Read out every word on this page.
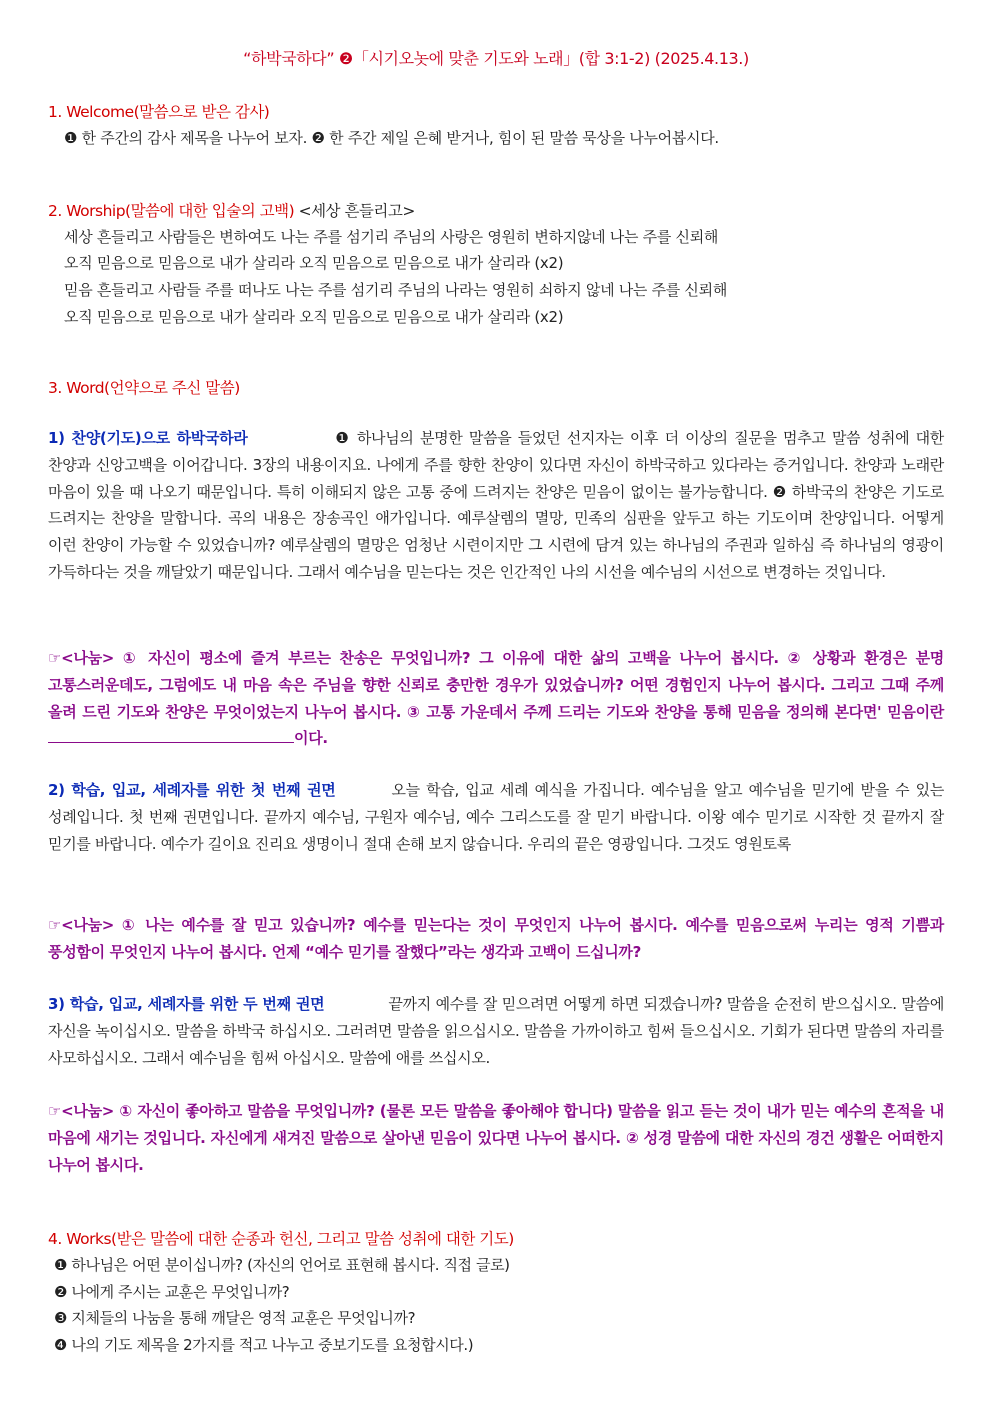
“하박국하다” ❷「시기오놋에 맞춘 기도와 노래」(합 3:1-2) (2025.4.13.)
1. Welcome(말씀으로 받은 감사)
❶ 한 주간의 감사 제목을 나누어 보자. ❷ 한 주간 제일 은혜 받거나, 힘이 된 말씀 묵상을 나누어봅시다.
2. Worship(말씀에 대한 입술의 고백) <세상 흔들리고>
세상 흔들리고 사람들은 변하여도 나는 주를 섬기리 주님의 사랑은 영원히 변하지않네 나는 주를 신뢰해
오직 믿음으로 믿음으로 내가 살리라 오직 믿음으로 믿음으로 내가 살리라 (x2)
믿음 흔들리고 사람들 주를 떠나도 나는 주를 섬기리 주님의 나라는 영원히 쇠하지 않네 나는 주를 신뢰해
오직 믿음으로 믿음으로 내가 살리라 오직 믿음으로 믿음으로 내가 살리라 (x2)
3. Word(언약으로 주신 말씀)
1) 찬양(기도)으로 하박국하라	❶ 하나님의 분명한 말씀을 들었던 선지자는 이후 더 이상의 질문을 멈추고 말씀 성취에 대한 찬양과 신앙고백을 이어갑니다. 3장의 내용이지요. 나에게 주를 향한 찬양이 있다면 자신이 하박국하고 있다라는 증거입니다. 찬양과 노래란 마음이 있을 때 나오기 때문입니다. 특히 이해되지 않은 고통 중에 드려지는 찬양은 믿음이 없이는 불가능합니다. ❷ 하박국의 찬양은 기도로 드려지는 찬양을 말합니다. 곡의 내용은 장송곡인 애가입니다. 예루살렘의 멸망, 민족의 심판을 앞두고 하는 기도이며 찬양입니다. 어떻게 이런 찬양이 가능할 수 있었습니까? 예루살렘의 멸망은 엄청난 시련이지만 그 시련에 담겨 있는 하나님의 주권과 일하심 즉 하나님의 영광이 가득하다는 것을 깨달았기 때문입니다. 그래서 예수님을 믿는다는 것은 인간적인 나의 시선을 예수님의 시선으로 변경하는 것입니다.
☞<나눔> ① 자신이 평소에 즐겨 부르는 찬송은 무엇입니까? 그 이유에 대한 삶의 고백을 나누어 봅시다. ② 상황과 환경은 분명 고통스러운데도, 그럼에도 내 마음 속은 주님을 향한 신뢰로 충만한 경우가 있었습니까? 어떤 경험인지 나누어 봅시다. 그리고 그때 주께 올려 드린 기도와 찬양은 무엇이었는지 나누어 봅시다. ③ 고통 가운데서 주께 드리는 기도와 찬양을 통해 믿음을 정의해 본다면' 믿음이란이다.
2) 학습, 입교, 세례자를 위한 첫 번째 권면	오늘 학습, 입교 세례 예식을 가집니다. 예수님을 알고 예수님을 믿기에 받을 수 있는 성례입니다. 첫 번째 권면입니다. 끝까지 예수님, 구원자 예수님, 예수 그리스도를 잘 믿기 바랍니다. 이왕 예수 믿기로 시작한 것 끝까지 잘 믿기를 바랍니다. 예수가 길이요 진리요 생명이니 절대 손해 보지 않습니다. 우리의 끝은 영광입니다. 그것도 영원토록
☞<나눔> ① 나는 예수를 잘 믿고 있습니까? 예수를 믿는다는 것이 무엇인지 나누어 봅시다. 예수를 믿음으로써 누리는 영적 기쁨과 풍성함이 무엇인지 나누어 봅시다. 언제 “예수 믿기를 잘했다”라는 생각과 고백이 드십니까?
3) 학습, 입교, 세례자를 위한 두 번째 권면	끝까지 예수를 잘 믿으려면 어떻게 하면 되겠습니까? 말씀을 순전히 받으십시오. 말씀에 자신을 녹이십시오. 말씀을 하박국 하십시오. 그러려면 말씀을 읽으십시오. 말씀을 가까이하고 힘써 들으십시오. 기회가 된다면 말씀의 자리를 사모하십시오. 그래서 예수님을 힘써 아십시오. 말씀에 애를 쓰십시오.
☞<나눔> ① 자신이 좋아하고 말씀을 무엇입니까? (물론 모든 말씀을 좋아해야 합니다) 말씀을 읽고 듣는 것이 내가 믿는 예수의 흔적을 내 마음에 새기는 것입니다. 자신에게 새겨진 말씀으로 살아낸 믿음이 있다면 나누어 봅시다. ② 성경 말씀에 대한 자신의 경건 생활은 어떠한지 나누어 봅시다.
4. Works(받은 말씀에 대한 순종과 헌신, 그리고 말씀 성취에 대한 기도)
❶ 하나님은 어떤 분이십니까? (자신의 언어로 표현해 봅시다. 직접 글로)
❷ 나에게 주시는 교훈은 무엇입니까?
❸ 지체들의 나눔을 통해 깨달은 영적 교훈은 무엇입니까?
❹ 나의 기도 제목을 2가지를 적고 나누고 중보기도를 요청합시다.)
